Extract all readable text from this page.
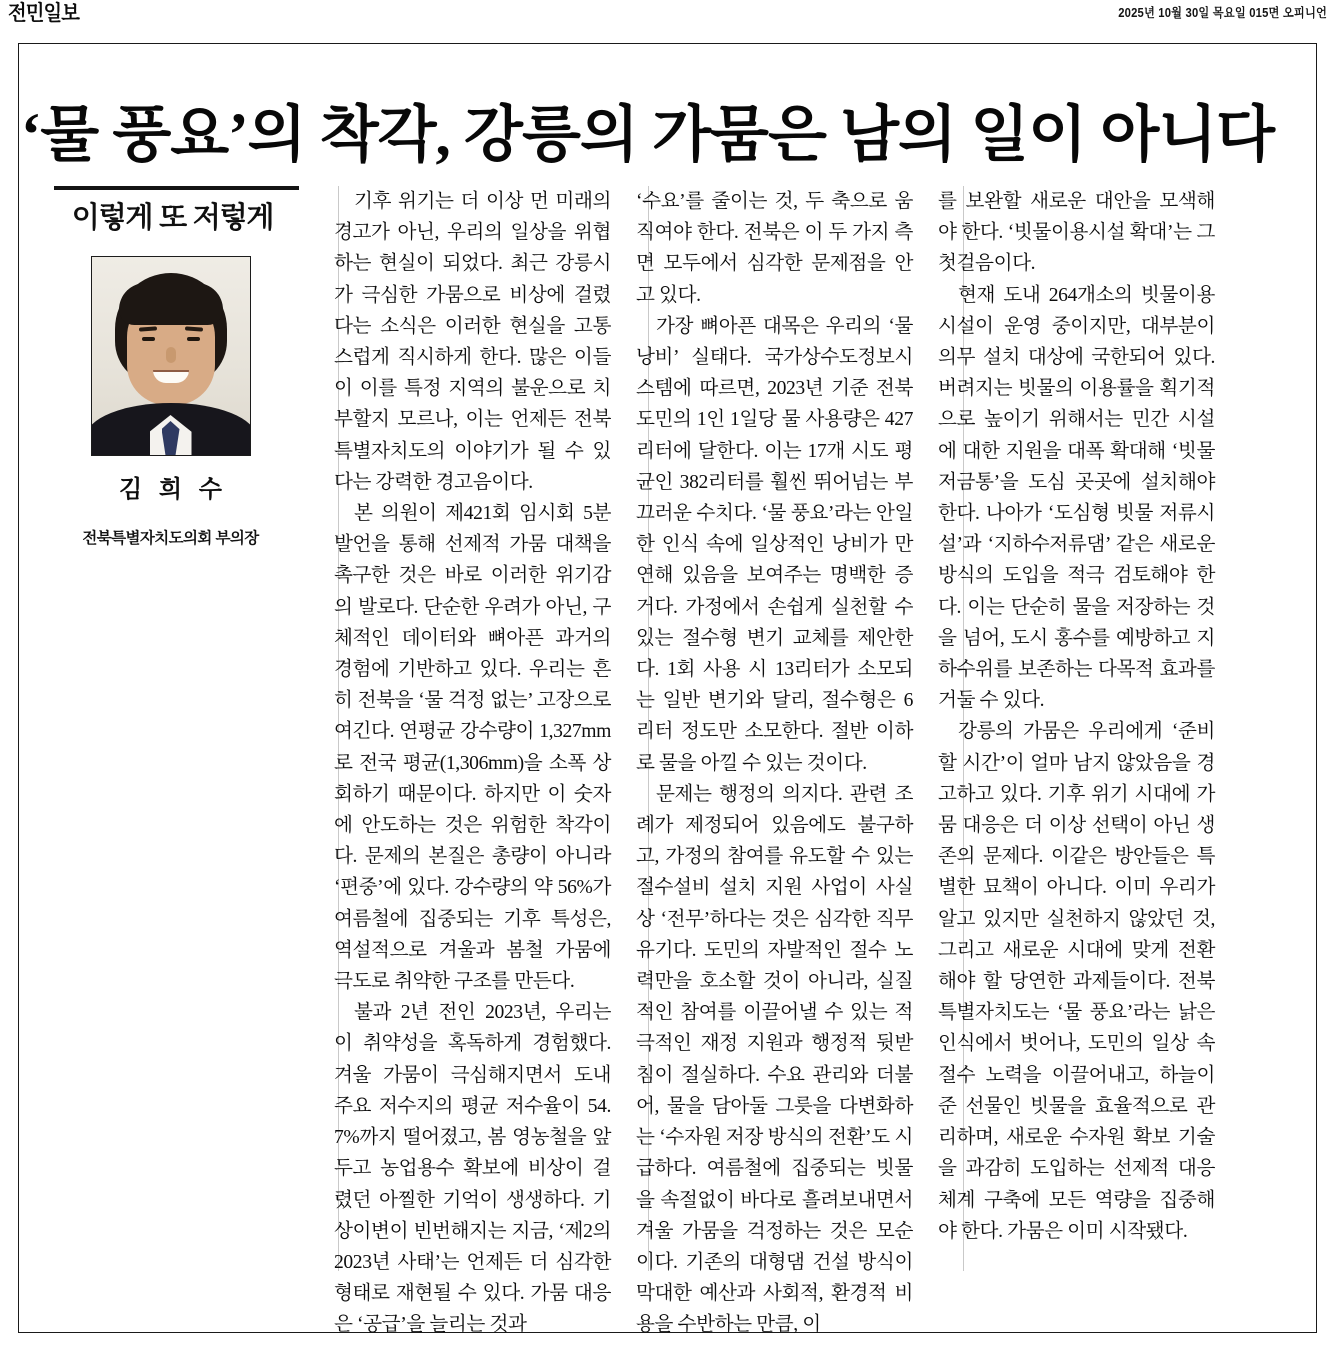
전민일보	2025년 10월 30일 목요일 015면 오피니언
‘물 풍요’의 착각, 강릉의 가뭄은 남의 일이 아니다
이렇게 또 저렇게
김 희 수
전북특별자치도의회 부의장

기후 위기는 더 이상 먼 미래의 경고가 아닌, 우리의 일상을 위협하는 현실이 되었다. 최근 강릉시가 극심한 가뭄으로 비상에 걸렸다는 소식은 이러한 현실을 고통스럽게 직시하게 한다. 많은 이들이 이를 특정 지역의 불운으로 치부할지 모르나, 이는 언제든 전북특별자치도의 이야기가 될 수 있다는 강력한 경고음이다.

본 의원이 제421회 임시회 5분 발언을 통해 선제적 가뭄 대책을 촉구한 것은 바로 이러한 위기감의 발로다. 단순한 우려가 아닌, 구체적인 데이터와 뼈아픈 과거의 경험에 기반하고 있다. 우리는 흔히 전북을 ‘물 걱정 없는’ 고장으로 여긴다. 연평균 강수량이 1,327mm로 전국 평균(1,306mm)을 소폭 상회하기 때문이다. 하지만 이 숫자에 안도하는 것은 위험한 착각이다. 문제의 본질은 총량이 아니라 ‘편중’에 있다. 강수량의 약 56%가 여름철에 집중되는 기후 특성은, 역설적으로 겨울과 봄철 가뭄에 극도로 취약한 구조를 만든다.

불과 2년 전인 2023년, 우리는 이 취약성을 혹독하게 경험했다. 겨울 가뭄이 극심해지면서 도내 주요 저수지의 평균 저수율이 54.7%까지 떨어졌고, 봄 영농철을 앞두고 농업용수 확보에 비상이 걸렸던 아찔한 기억이 생생하다. 기상이변이 빈번해지는 지금, ‘제2의 2023년 사태’는 언제든 더 심각한 형태로 재현될 수 있다. 가뭄 대응은 ‘공급’을 늘리는 것과

‘수요’를 줄이는 것, 두 축으로 움직여야 한다. 전북은 이 두 가지 측면 모두에서 심각한 문제점을 안고 있다.

가장 뼈아픈 대목은 우리의 ‘물 낭비’ 실태다. 국가상수도정보시스템에 따르면, 2023년 기준 전북도민의 1인 1일당 물 사용량은 427리터에 달한다. 이는 17개 시도 평균인 382리터를 훨씬 뛰어넘는 부끄러운 수치다. ‘물 풍요’라는 안일한 인식 속에 일상적인 낭비가 만연해 있음을 보여주는 명백한 증거다. 가정에서 손쉽게 실천할 수 있는 절수형 변기 교체를 제안한다. 1회 사용 시 13리터가 소모되는 일반 변기와 달리, 절수형은 6리터 정도만 소모한다. 절반 이하로 물을 아낄 수 있는 것이다.

문제는 행정의 의지다. 관련 조례가 제정되어 있음에도 불구하고, 가정의 참여를 유도할 수 있는 절수설비 설치 지원 사업이 사실상 ‘전무’하다는 것은 심각한 직무유기다. 도민의 자발적인 절수 노력만을 호소할 것이 아니라, 실질적인 참여를 이끌어낼 수 있는 적극적인 재정 지원과 행정적 뒷받침이 절실하다. 수요 관리와 더불어, 물을 담아둘 그릇을 다변화하는 ‘수자원 저장 방식의 전환’도 시급하다. 여름철에 집중되는 빗물을 속절없이 바다로 흘려보내면서 겨울 가뭄을 걱정하는 것은 모순이다. 기존의 대형댐 건설 방식이 막대한 예산과 사회적, 환경적 비용을 수반하는 만큼, 이

를 보완할 새로운 대안을 모색해야 한다. ‘빗물이용시설 확대’는 그 첫걸음이다.

현재 도내 264개소의 빗물이용시설이 운영 중이지만, 대부분이 의무 설치 대상에 국한되어 있다. 버려지는 빗물의 이용률을 획기적으로 높이기 위해서는 민간 시설에 대한 지원을 대폭 확대해 ‘빗물 저금통’을 도심 곳곳에 설치해야 한다. 나아가 ‘도심형 빗물 저류시설’과 ‘지하수저류댐’ 같은 새로운 방식의 도입을 적극 검토해야 한다. 이는 단순히 물을 저장하는 것을 넘어, 도시 홍수를 예방하고 지하수위를 보존하는 다목적 효과를 거둘 수 있다.

강릉의 가뭄은 우리에게 ‘준비할 시간’이 얼마 남지 않았음을 경고하고 있다. 기후 위기 시대에 가뭄 대응은 더 이상 선택이 아닌 생존의 문제다. 이같은 방안들은 특별한 묘책이 아니다. 이미 우리가 알고 있지만 실천하지 않았던 것, 그리고 새로운 시대에 맞게 전환해야 할 당연한 과제들이다. 전북특별자치도는 ‘물 풍요’라는 낡은 인식에서 벗어나, 도민의 일상 속 절수 노력을 이끌어내고, 하늘이 준 선물인 빗물을 효율적으로 관리하며, 새로운 수자원 확보 기술을 과감히 도입하는 선제적 대응 체계 구축에 모든 역량을 집중해야 한다. 가뭄은 이미 시작됐다.
